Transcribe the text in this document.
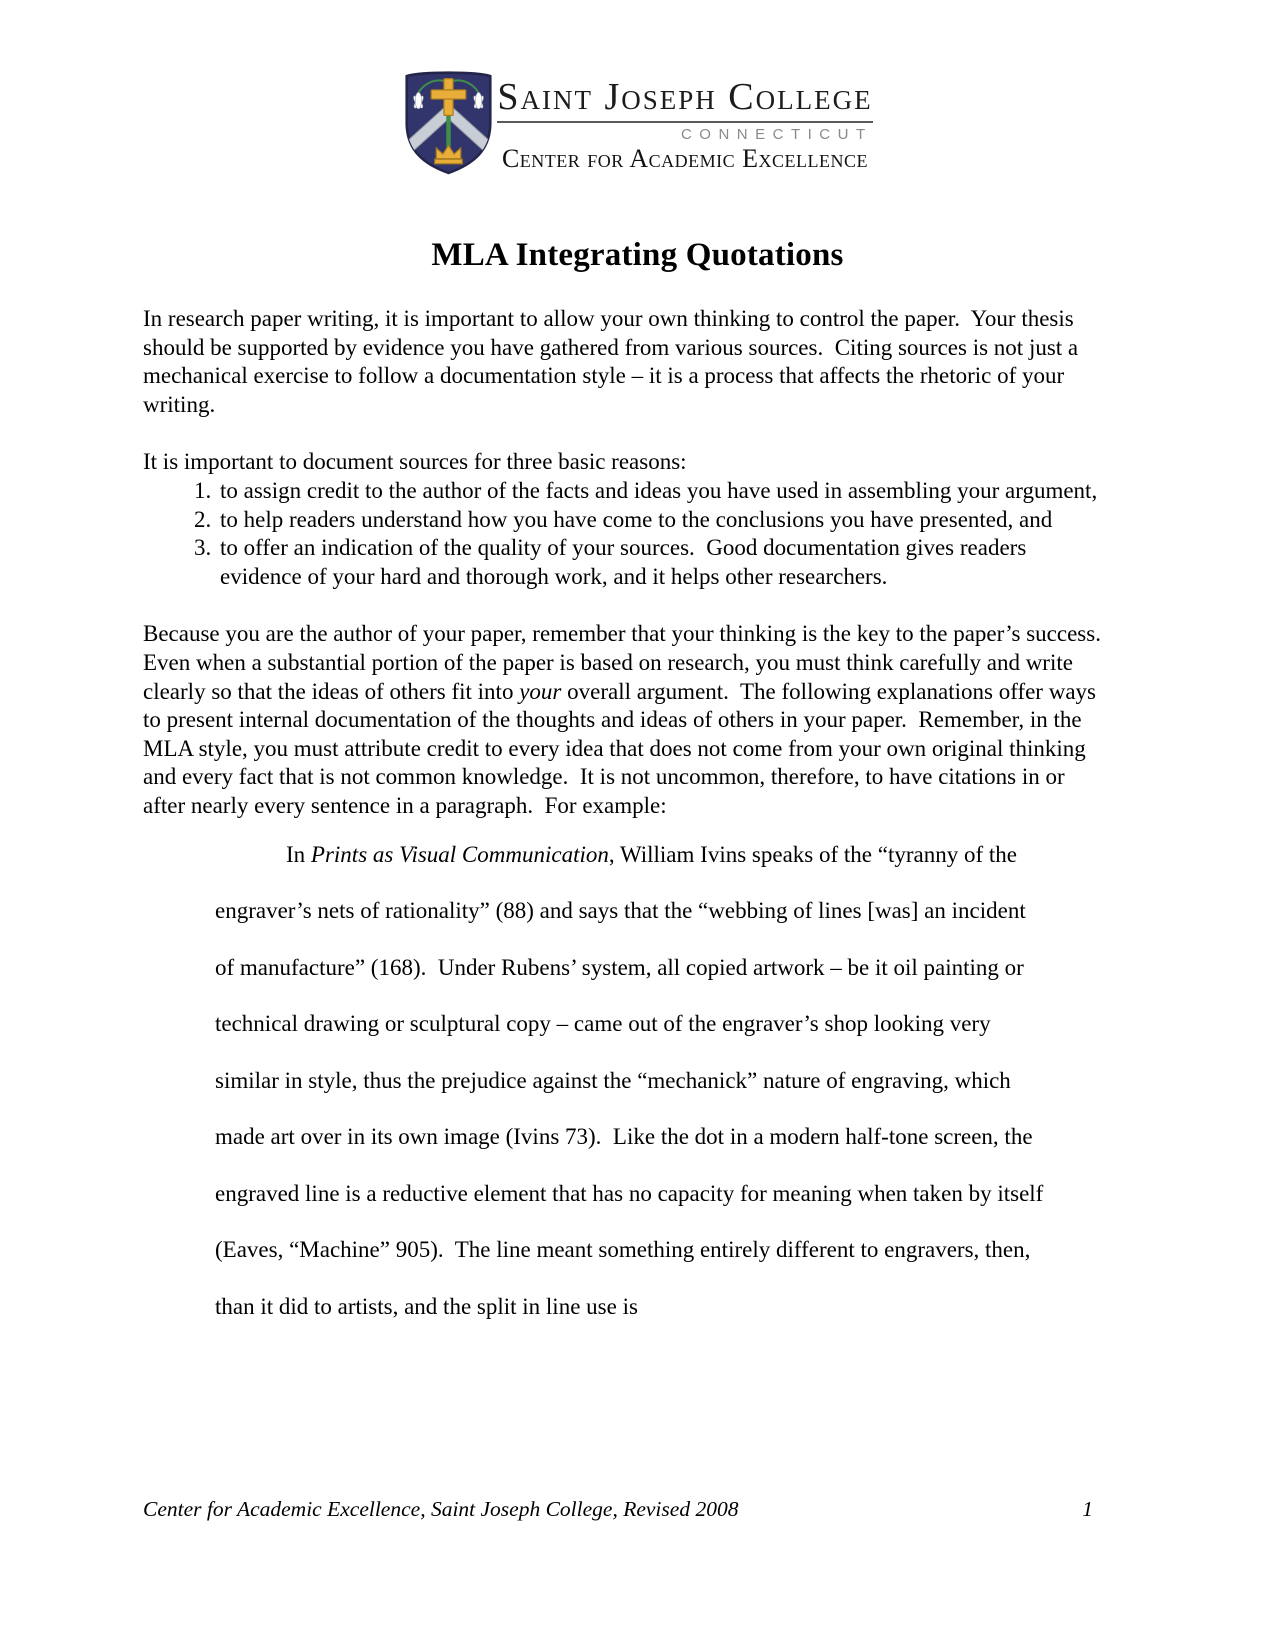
Saint Joseph College
CONNECTICUT
Center for Academic Excellence
MLA Integrating Quotations

In research paper writing, it is important to allow your own thinking to control the paper.  Your thesis should be supported by evidence you have gathered from various sources.  Citing sources is not just a mechanical exercise to follow a documentation style – it is a process that affects the rhetoric of your writing.

It is important to document sources for three basic reasons:

1. to assign credit to the author of the facts and ideas you have used in assembling your argument,
2. to help readers understand how you have come to the conclusions you have presented, and
3. to offer an indication of the quality of your sources.  Good documentation gives readers evidence of your hard and thorough work, and it helps other researchers.

Because you are the author of your paper, remember that your thinking is the key to the paper’s success.  Even when a substantial portion of the paper is based on research, you must think carefully and write clearly so that the ideas of others fit into your overall argument.  The following explanations offer ways to present internal documentation of the thoughts and ideas of others in your paper.  Remember, in the MLA style, you must attribute credit to every idea that does not come from your own original thinking and every fact that is not common knowledge.  It is not uncommon, therefore, to have citations in or after nearly every sentence in a paragraph.  For example:

In Prints as Visual Communication, William Ivins speaks of the “tyranny of the engraver’s nets of rationality” (88) and says that the “webbing of lines [was] an incident of manufacture” (168).  Under Rubens’ system, all copied artwork – be it oil painting or technical drawing or sculptural copy – came out of the engraver’s shop looking very similar in style, thus the prejudice against the “mechanick” nature of engraving, which made art over in its own image (Ivins 73).  Like the dot in a modern half-tone screen, the engraved line is a reductive element that has no capacity for meaning when taken by itself (Eaves, “Machine” 905).  The line meant something entirely different to engravers, then, than it did to artists, and the split in line use is
Center for Academic Excellence, Saint Joseph College, Revised 2008	1
